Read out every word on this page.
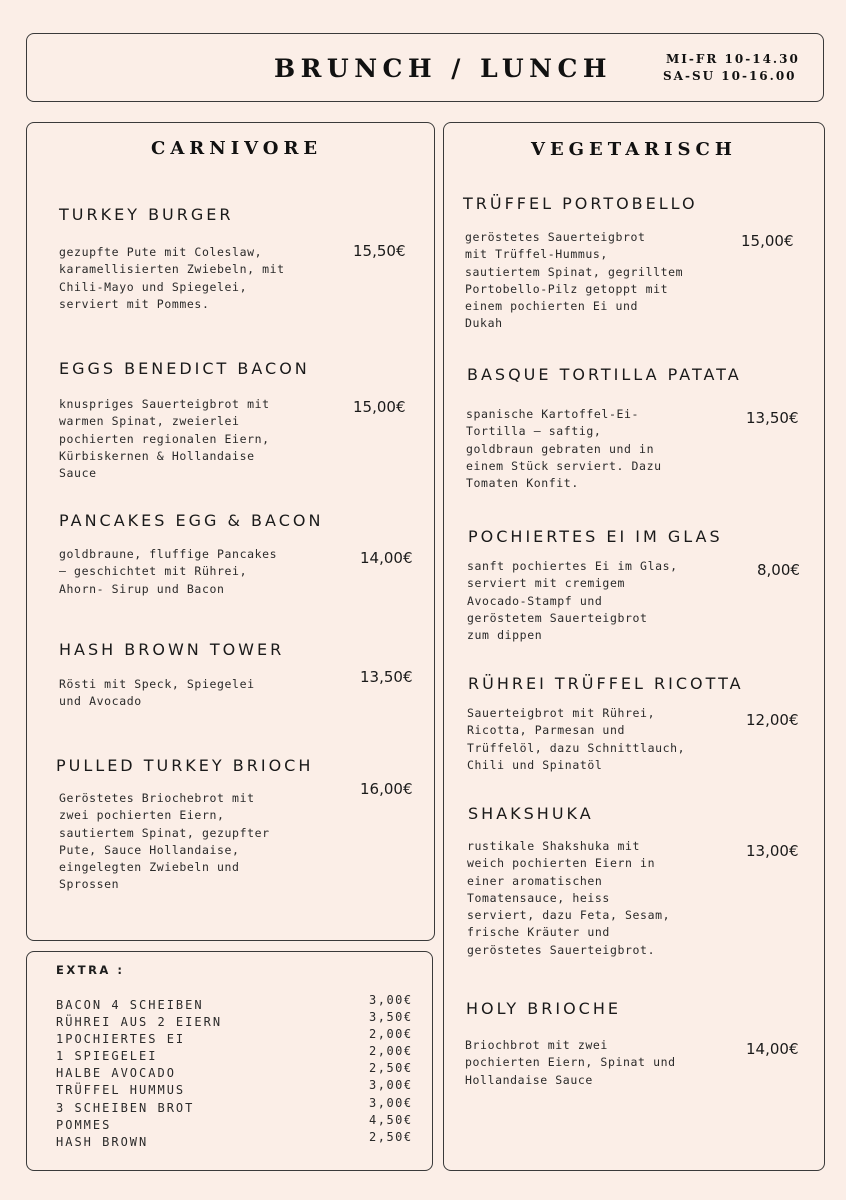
BRUNCH / LUNCH	MI-FR 10-14.30
SA-SU 10-16.00
CARNIVORE	VEGETARISCH
TURKEY BURGER
gezupfte Pute mit Coleslaw,
karamellisierten Zwiebeln, mit
Chili-Mayo und Spiegelei,
serviert mit Pommes.
15,50€
EGGS BENEDICT BACON
knuspriges Sauerteigbrot mit
warmen Spinat, zweierlei
pochierten regionalen Eiern,
Kürbiskernen & Hollandaise
Sauce
15,00€
PANCAKES EGG & BACON
goldbraune, fluffige Pancakes
– geschichtet mit Rührei,
Ahorn- Sirup und Bacon
14,00€
HASH BROWN TOWER
Rösti mit Speck, Spiegelei
und Avocado
13,50€
PULLED TURKEY BRIOCH
Geröstetes Briochebrot mit
zwei pochierten Eiern,
sautiertem Spinat, gezupfter
Pute, Sauce Hollandaise,
eingelegten Zwiebeln und
Sprossen
16,00€
TRÜFFEL PORTOBELLO
geröstetes Sauerteigbrot
mit Trüffel-Hummus,
sautiertem Spinat, gegrilltem
Portobello-Pilz getoppt mit
einem pochierten Ei und
Dukah
15,00€
BASQUE TORTILLA PATATA
spanische Kartoffel-Ei-
Tortilla – saftig,
goldbraun gebraten und in
einem Stück serviert. Dazu
Tomaten Konfit.
13,50€
POCHIERTES EI IM GLAS
sanft pochiertes Ei im Glas,
serviert mit cremigem
Avocado-Stampf und
geröstetem Sauerteigbrot
zum dippen
8,00€
RÜHREI TRÜFFEL RICOTTA
Sauerteigbrot mit Rührei,
Ricotta, Parmesan und
Trüffelöl, dazu Schnittlauch,
Chili und Spinatöl
12,00€
SHAKSHUKA
rustikale Shakshuka mit
weich pochierten Eiern in
einer aromatischen
Tomatensauce, heiss
serviert, dazu Feta, Sesam,
frische Kräuter und
geröstetes Sauerteigbrot.
13,00€
HOLY BRIOCHE
Briochbrot mit zwei
pochierten Eiern, Spinat und
Hollandaise Sauce
14,00€
EXTRA :
BACON 4 SCHEIBEN
RÜHREI AUS 2 EIERN
1POCHIERTES EI
1 SPIEGELEI
HALBE AVOCADO
TRÜFFEL HUMMUS
3 SCHEIBEN BROT
POMMES
HASH BROWN
3,00€
3,50€
2,00€
2,00€
2,50€
3,00€
3,00€
4,50€
2,50€
